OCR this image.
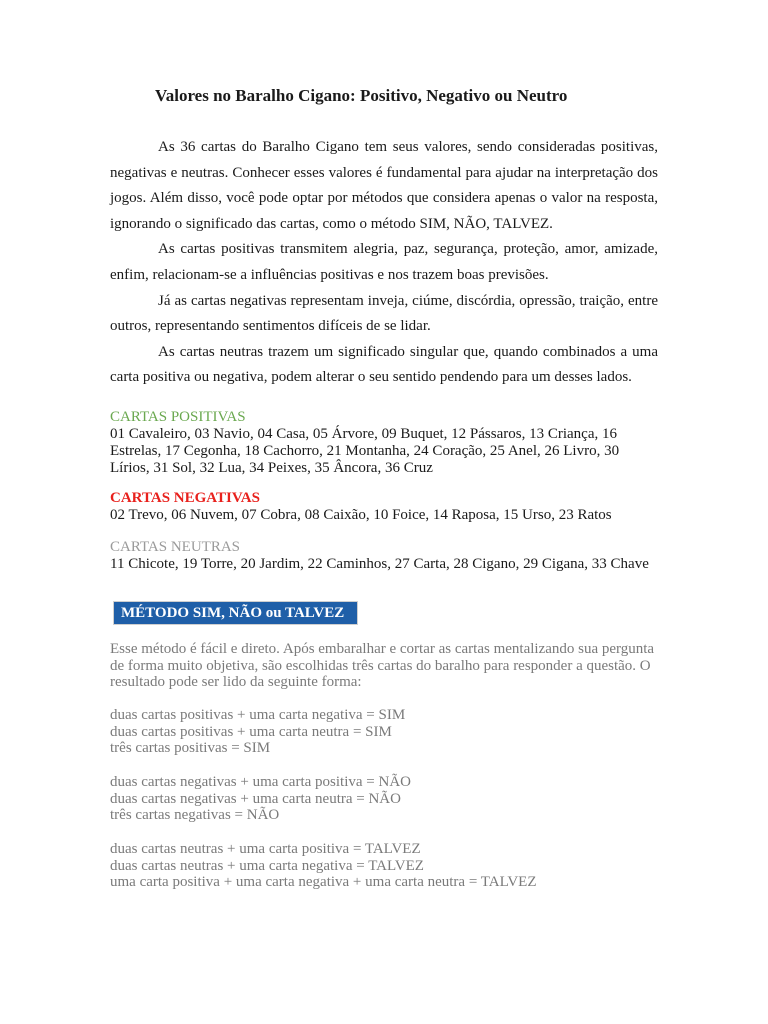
Valores no Baralho Cigano: Positivo, Negativo ou Neutro

As 36 cartas do Baralho Cigano tem seus valores, sendo consideradas positivas, negativas e neutras. Conhecer esses valores é fundamental para ajudar na interpretação dos jogos. Além disso, você pode optar por métodos que considera apenas o valor na resposta, ignorando o significado das cartas, como o método SIM, NÃO, TALVEZ.

As cartas positivas transmitem alegria, paz, segurança, proteção, amor, amizade, enfim, relacionam-se a influências positivas e nos trazem boas previsões.

Já as cartas negativas representam inveja, ciúme, discórdia, opressão, traição, entre outros, representando sentimentos difíceis de se lidar.

As cartas neutras trazem um significado singular que, quando combinados a uma carta positiva ou negativa, podem alterar o seu sentido pendendo para um desses lados.

CARTAS POSITIVAS
01 Cavaleiro, 03 Navio, 04 Casa, 05 Árvore, 09 Buquet, 12 Pássaros, 13 Criança, 16 Estrelas, 17 Cegonha, 18 Cachorro, 21 Montanha, 24 Coração, 25 Anel, 26 Livro, 30 Lírios, 31 Sol, 32 Lua, 34 Peixes, 35 Âncora, 36 Cruz
CARTAS NEGATIVAS
02 Trevo, 06 Nuvem, 07 Cobra, 08 Caixão, 10 Foice, 14 Raposa, 15 Urso, 23 Ratos
CARTAS NEUTRAS
11 Chicote, 19 Torre, 20 Jardim, 22 Caminhos, 27 Carta, 28 Cigano, 29 Cigana, 33 Chave
MÉTODO SIM, NÃO ou TALVEZ
Esse método é fácil e direto. Após embaralhar e cortar as cartas mentalizando sua pergunta de forma muito objetiva, são escolhidas três cartas do baralho para responder a questão. O resultado pode ser lido da seguinte forma:
duas cartas positivas + uma carta negativa = SIM
duas cartas positivas + uma carta neutra = SIM
três cartas positivas = SIM
duas cartas negativas + uma carta positiva = NÃO
duas cartas negativas + uma carta neutra = NÃO
três cartas negativas = NÃO
duas cartas neutras + uma carta positiva = TALVEZ
duas cartas neutras + uma carta negativa = TALVEZ
uma carta positiva + uma carta negativa + uma carta neutra = TALVEZ
